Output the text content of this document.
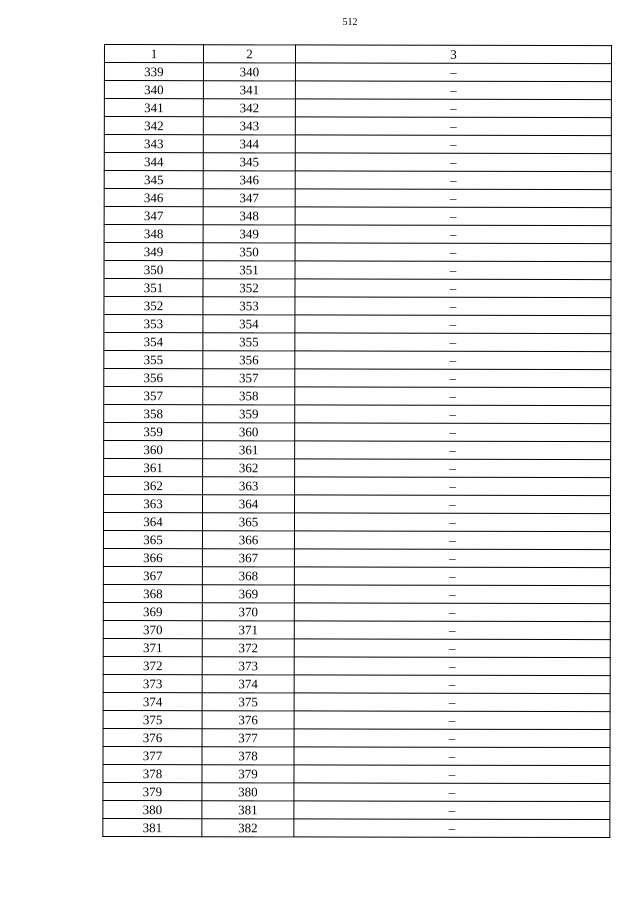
512
1	2	3
339	340	–
340	341	–
341	342	–
342	343	–
343	344	–
344	345	–
345	346	–
346	347	–
347	348	–
348	349	–
349	350	–
350	351	–
351	352	–
352	353	–
353	354	–
354	355	–
355	356	–
356	357	–
357	358	–
358	359	–
359	360	–
360	361	–
361	362	–
362	363	–
363	364	–
364	365	–
365	366	–
366	367	–
367	368	–
368	369	–
369	370	–
370	371	–
371	372	–
372	373	–
373	374	–
374	375	–
375	376	–
376	377	–
377	378	–
378	379	–
379	380	–
380	381	–
381	382	–
